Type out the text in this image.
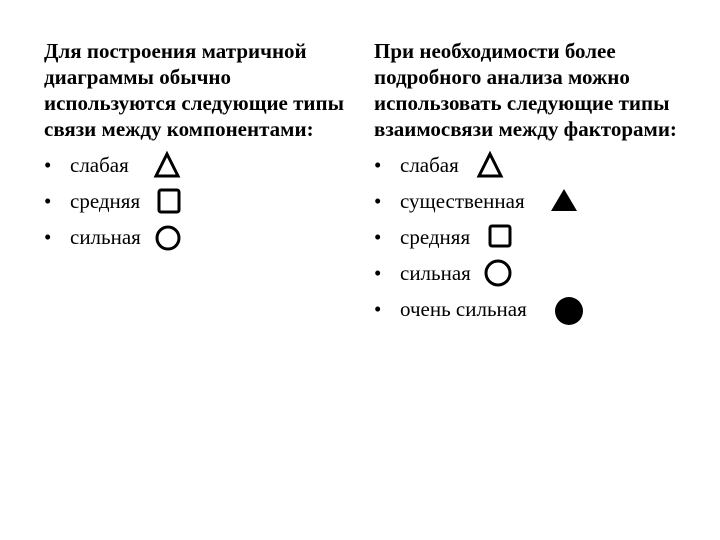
Для построения матричной диаграммы обычно используются следующие типы связи между компонентами:

• слабая
• средняя
• сильная

При необходимости более подробного анализа можно использовать следующие типы взаимосвязи между факторами:

• слабая
• существенная
• средняя
• сильная
• очень сильная
